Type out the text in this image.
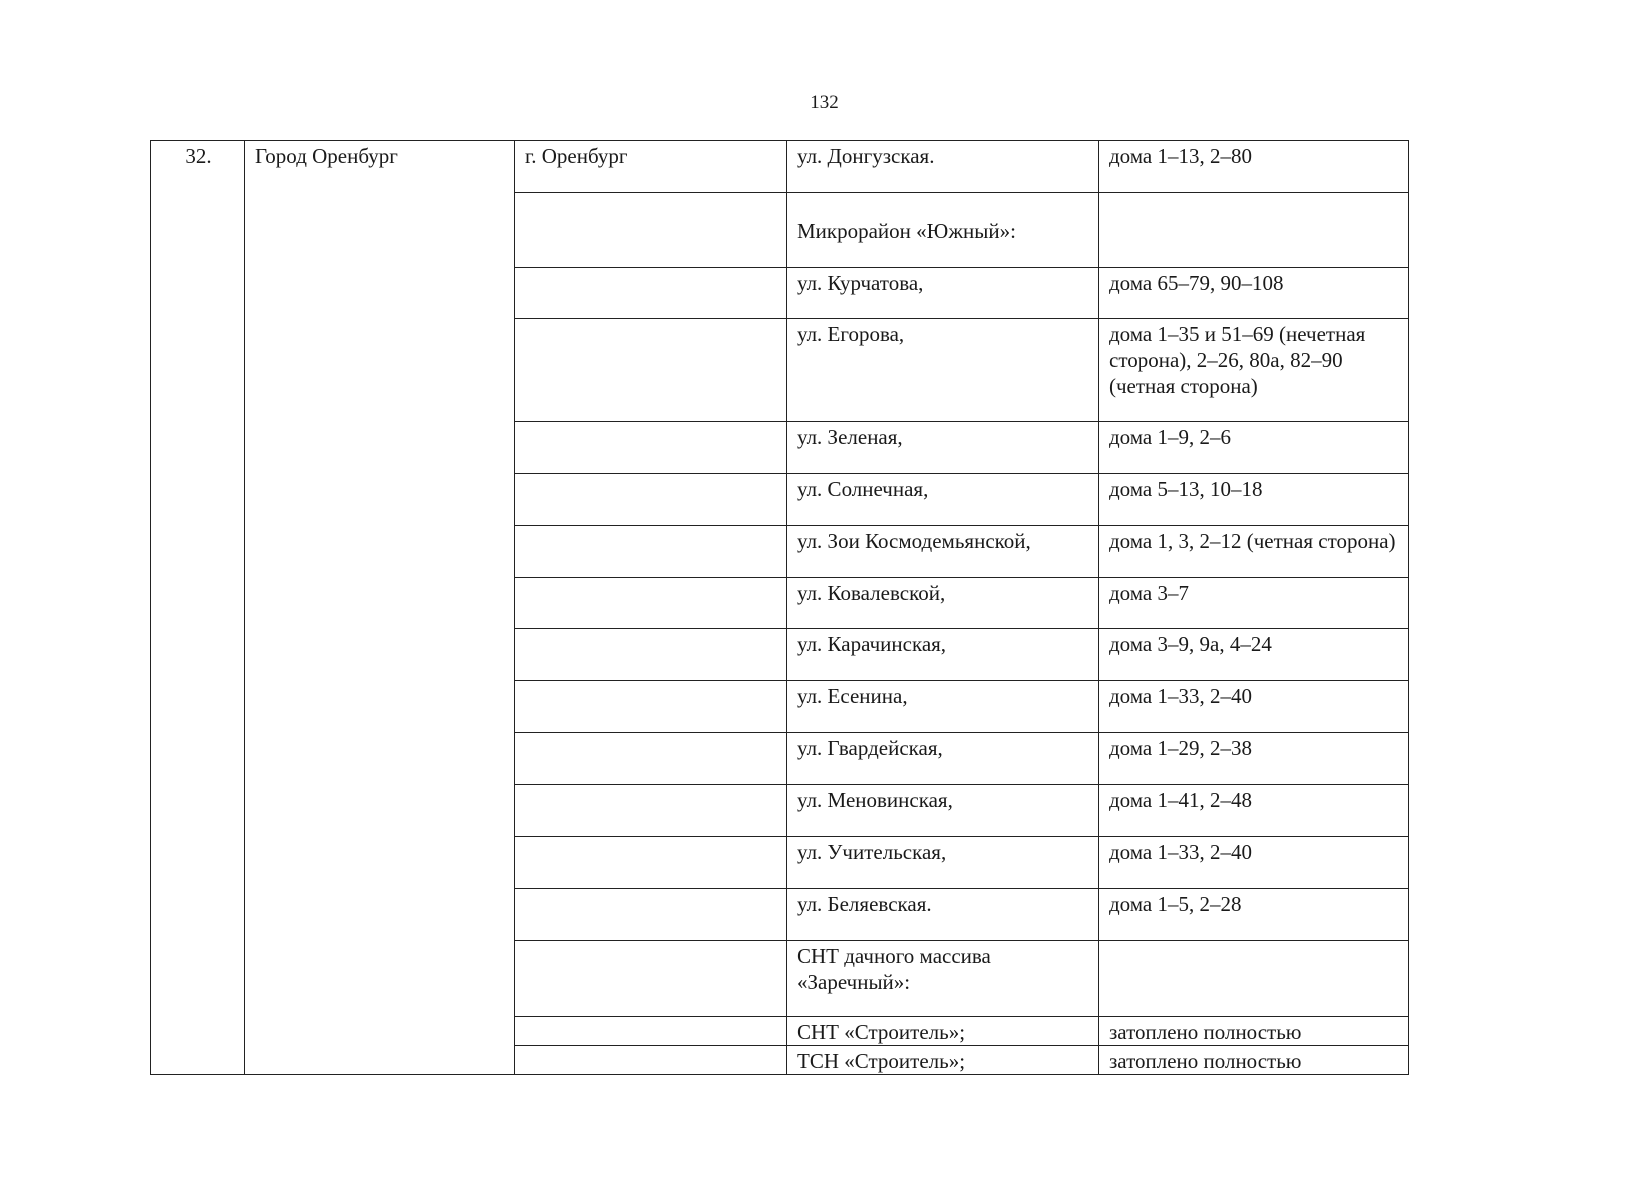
132
32.	Город Оренбург	г. Оренбург	ул. Донгузская.	дома 1–13, 2–80
			Микрорайон «Южный»:	
			ул. Курчатова,	дома 65–79, 90–108
			ул. Егорова,	дома 1–35 и 51–69 (нечетная сторона), 2–26, 80а, 82–90 (четная сторона)
			ул. Зеленая,	дома 1–9, 2–6
			ул. Солнечная,	дома 5–13, 10–18
			ул. Зои Космодемьянской,	дома 1, 3, 2–12 (четная сторона)
			ул. Ковалевской,	дома 3–7
			ул. Карачинская,	дома 3–9, 9а, 4–24
			ул. Есенина,	дома 1–33, 2–40
			ул. Гвардейская,	дома 1–29, 2–38
			ул. Меновинская,	дома 1–41, 2–48
			ул. Учительская,	дома 1–33, 2–40
			ул. Беляевская.	дома 1–5, 2–28
			СНТ дачного массива «Заречный»:	
			СНТ «Строитель»;	затоплено полностью
			ТСН «Строитель»;	затоплено полностью
